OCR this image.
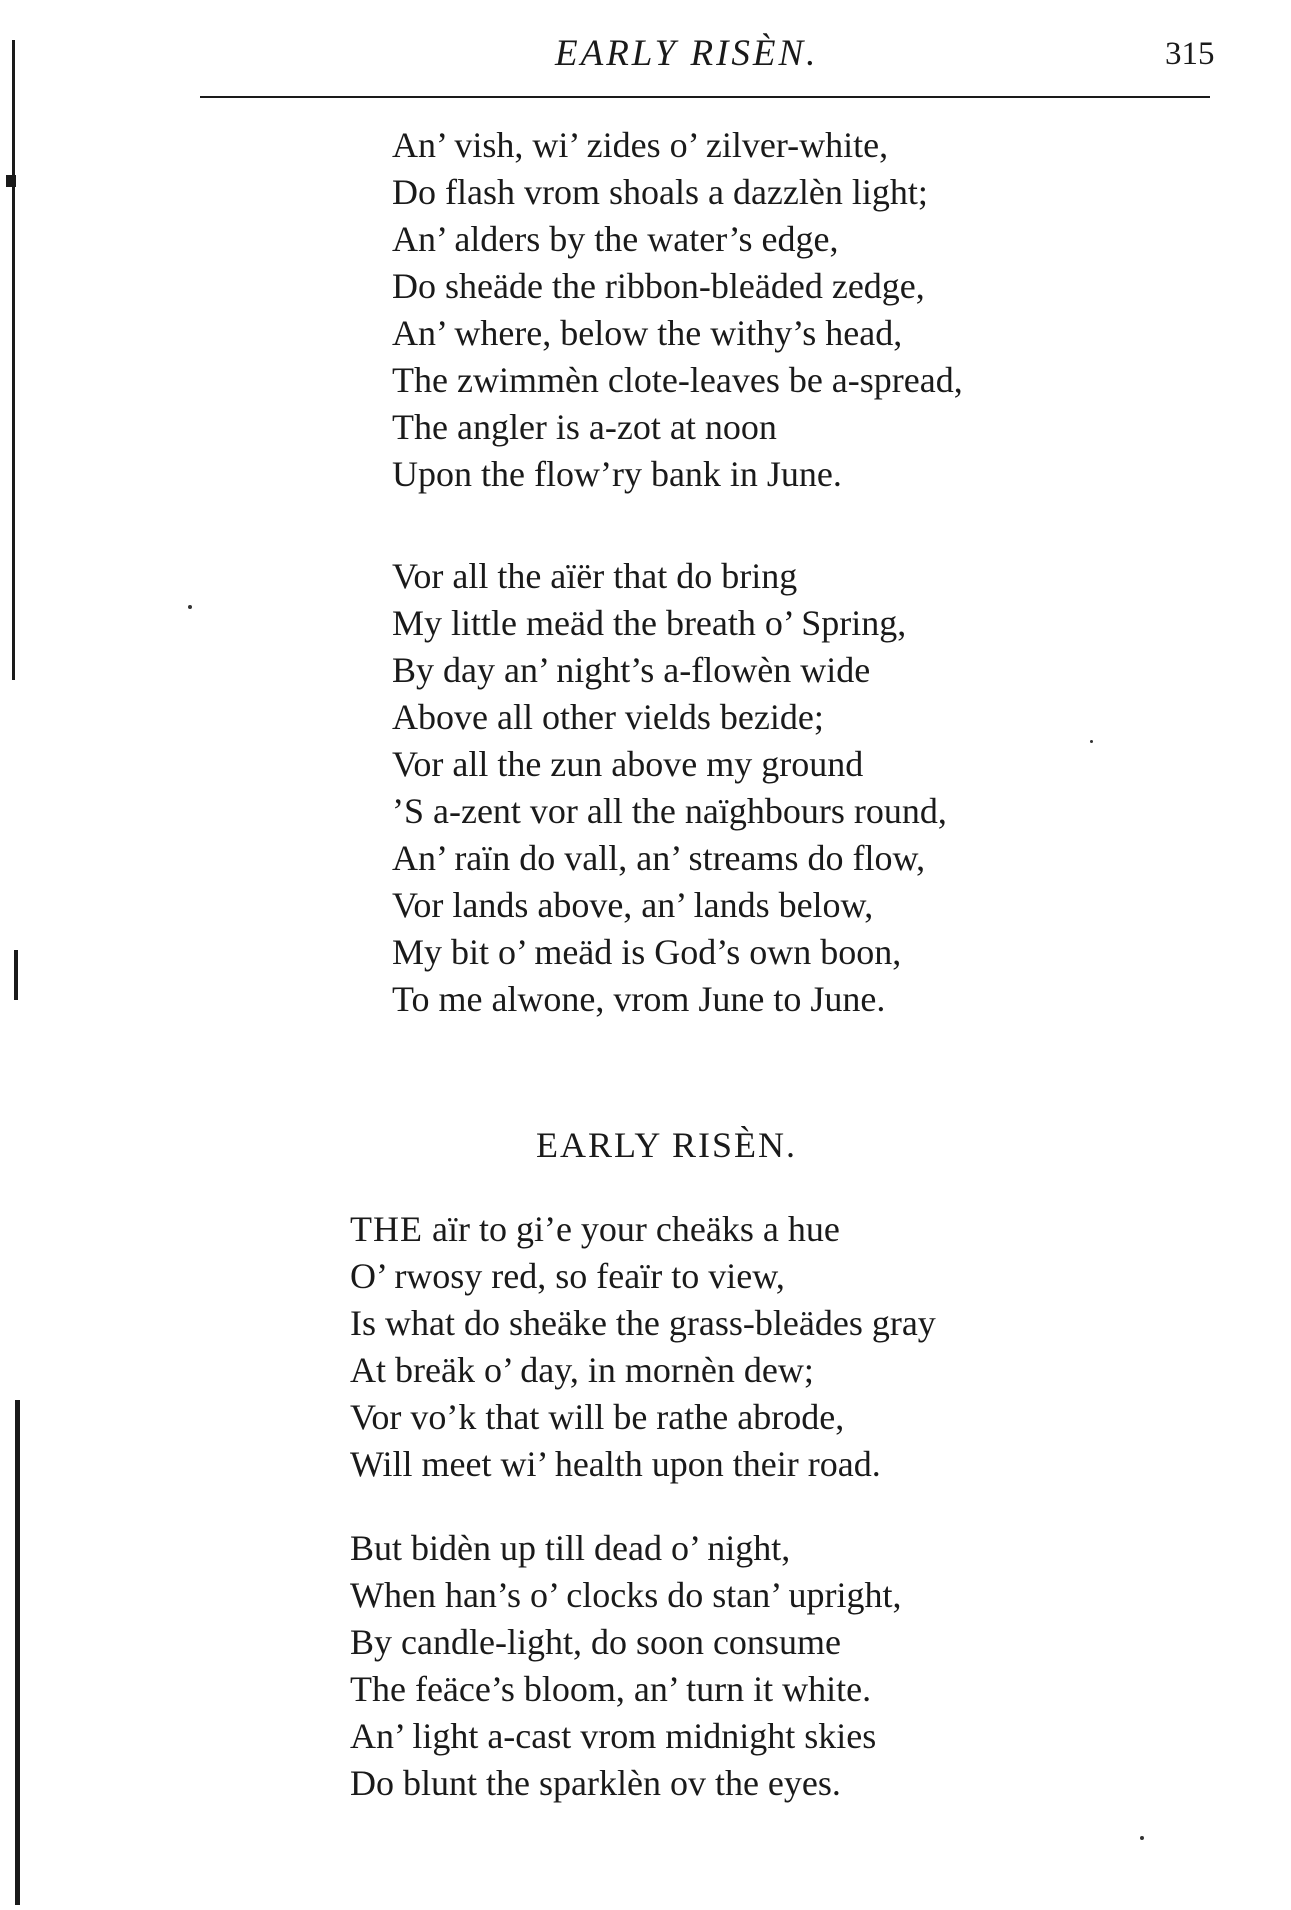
EARLY RISÈN.	315
An’ vish, wi’ zides o’ zilver-white,
Do flash vrom shoals a dazzlèn light;
An’ alders by the water’s edge,
Do sheäde the ribbon-bleäded zedge,
An’ where, below the withy’s head,
The zwimmèn clote-leaves be a-spread,
The angler is a-zot at noon
Upon the flow’ry bank in June.
Vor all the aïër that do bring
My little meäd the breath o’ Spring,
By day an’ night’s a-flowèn wide
Above all other vields bezide;
Vor all the zun above my ground
’S a-zent vor all the naïghbours round,
An’ raïn do vall, an’ streams do flow,
Vor lands above, an’ lands below,
My bit o’ meäd is God’s own boon,
To me alwone, vrom June to June.
EARLY RISÈN.
THE aïr to gi’e your cheäks a hue
O’ rwosy red, so feaïr to view,
Is what do sheäke the grass-bleädes gray
At breäk o’ day, in mornèn dew;
Vor vo’k that will be rathe abrode,
Will meet wi’ health upon their road.
But bidèn up till dead o’ night,
When han’s o’ clocks do stan’ upright,
By candle-light, do soon consume
The feäce’s bloom, an’ turn it white.
An’ light a-cast vrom midnight skies
Do blunt the sparklèn ov the eyes.
